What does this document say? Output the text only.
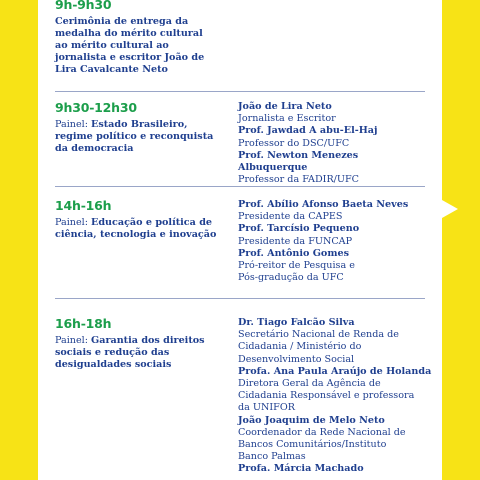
9h-9h30
Cerimônia de entrega da medalha do mérito cultural ao mérito cultural ao jornalista e escritor João de Lira Cavalcante Neto
9h30-12h30
Painel: Estado Brasileiro, regime político e reconquista da democracia
João de Lira Neto
Jornalista e Escritor
Prof. Jawdad A abu-El-Haj
Professor do DSC/UFC
Prof. Newton Menezes Albuquerque
Professor da FADIR/UFC
14h-16h
Painel: Educação e política de ciência, tecnologia e inovação
Prof. Abílio Afonso Baeta Neves
Presidente da CAPES
Prof. Tarcísio Pequeno
Presidente da FUNCAP
Prof. Antônio Gomes
Pró-reitor de Pesquisa e Pós-gradução da UFC
16h-18h
Painel: Garantia dos direitos sociais e redução das desigualdades sociais
Dr. Tiago Falcão Silva
Secretário Nacional de Renda de Cidadania / Ministério do Desenvolvimento Social
Profa. Ana Paula Araújo de Holanda
Diretora Geral da Agência de Cidadania Responsável e professora da UNIFOR
João Joaquim de Melo Neto
Coordenador da Rede Nacional de Bancos Comunitários/Instituto Banco Palmas
Profa. Márcia Machado
